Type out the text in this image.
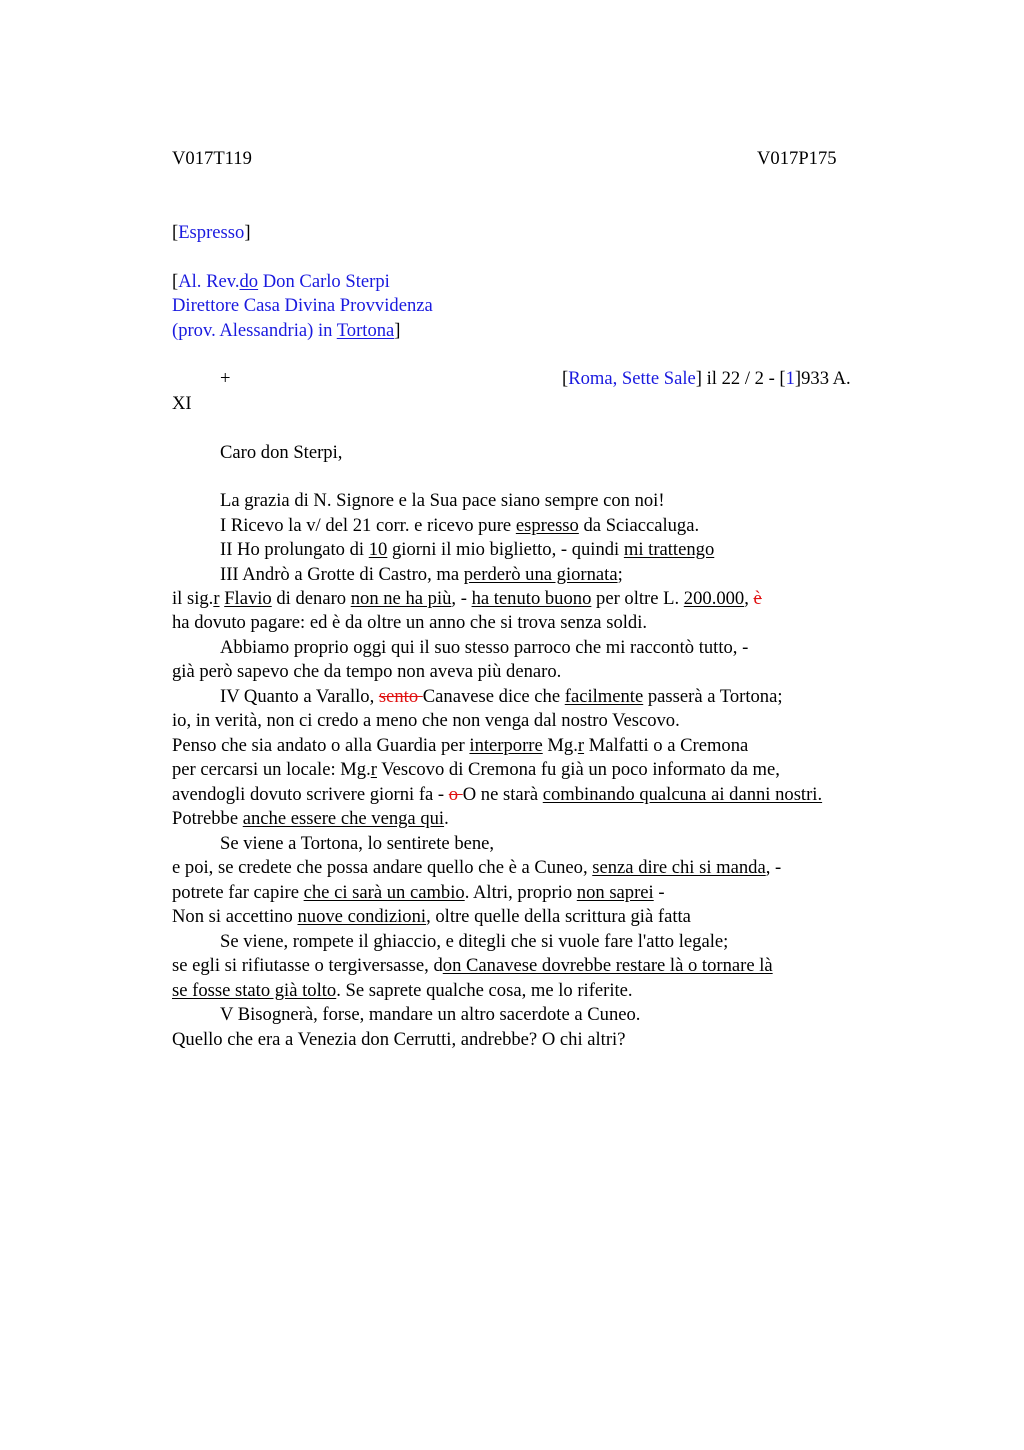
V017T119	V017P175
[Espresso]
[Al. Rev.do Don Carlo Sterpi
Direttore Casa Divina Provvidenza
(prov. Alessandria) in Tortona]
+	[Roma, Sette Sale] il 22 / 2 - [1]933 A.
XI
Caro don Sterpi,
La grazia di N. Signore e la Sua pace siano sempre con noi!
I Ricevo la v/ del 21 corr. e ricevo pure espresso da Sciaccaluga.
II Ho prolungato di 10 giorni il mio biglietto, - quindi mi trattengo
III Andrò a Grotte di Castro, ma perderò una giornata;
il sig.r Flavio di denaro non ne ha più, - ha tenuto buono per oltre L. 200.000, è
ha dovuto pagare: ed è da oltre un anno che si trova senza soldi.
Abbiamo proprio oggi qui il suo stesso parroco che mi raccontò tutto, -
già però sapevo che da tempo non aveva più denaro.
IV Quanto a Varallo, sento Canavese dice che facilmente passerà a Tortona;
io, in verità, non ci credo a meno che non venga dal nostro Vescovo.
Penso che sia andato o alla Guardia per interporre Mg.r Malfatti o a Cremona
per cercarsi un locale: Mg.r Vescovo di Cremona fu già un poco informato da me,
avendogli dovuto scrivere giorni fa - o O ne starà combinando qualcuna ai danni nostri.
Potrebbe anche essere che venga qui.
Se viene a Tortona, lo sentirete bene,
e poi, se credete che possa andare quello che è a Cuneo, senza dire chi si manda, -
potrete far capire che ci sarà un cambio. Altri, proprio non saprei -
Non si accettino nuove condizioni, oltre quelle della scrittura già fatta
Se viene, rompete il ghiaccio, e ditegli che si vuole fare l'atto legale;
se egli si rifiutasse o tergiversasse, don Canavese dovrebbe restare là o tornare là
se fosse stato già tolto. Se saprete qualche cosa, me lo riferite.
V Bisognerà, forse, mandare un altro sacerdote a Cuneo.
Quello che era a Venezia don Cerrutti, andrebbe? O chi altri?
